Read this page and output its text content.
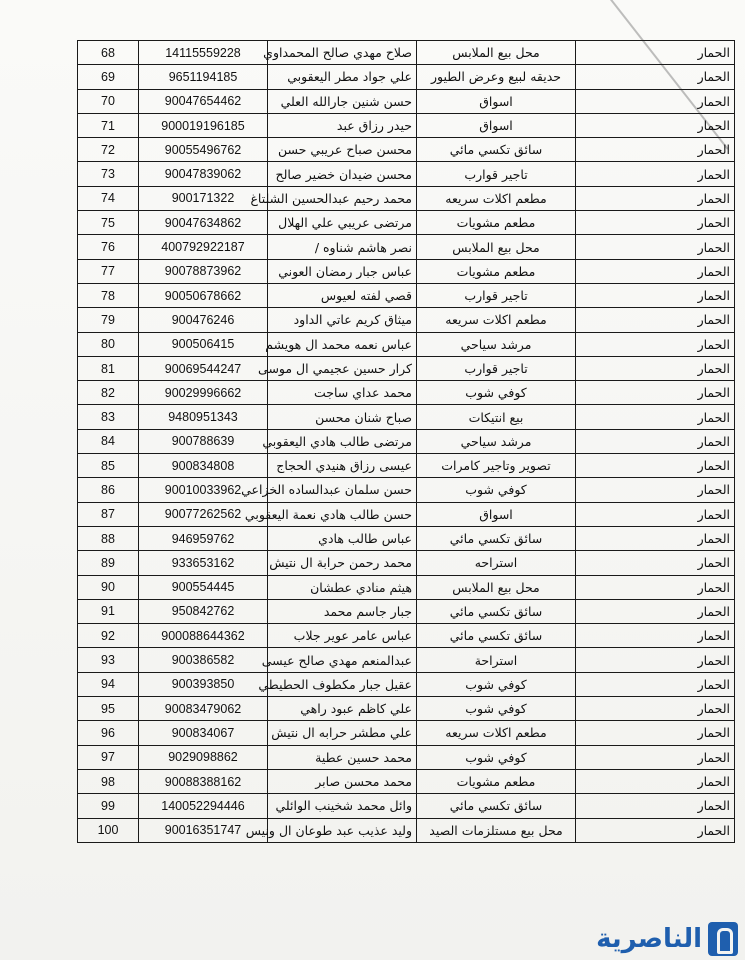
68	14115559228	صلاح مهدي صالح المحمداوي	محل بيع الملابس	الحمار
69	9651194185	علي جواد مطر اليعقوبي	حديقه لبيع وعرض الطيور	الحمار
70	90047654462	حسن شنين جارالله العلي	اسواق	الحمار
71	900019196185	حيدر رزاق عبد	اسواق	الحمار
72	90055496762	محسن صباح عريبي حسن	سائق تكسي مائي	الحمار
73	90047839062	محسن ضيدان خضير صالح	تاجير قوارب	الحمار
74	900171322	محمد رحيم عبدالحسين الشلتاغ	مطعم اكلات سريعه	الحمار
75	90047634862	مرتضى عريبي علي الهلال	مطعم مشويات	الحمار
76	400792922187	نصر هاشم شناوه /	محل بيع الملابس	الحمار
77	90078873962	عباس جبار رمضان العوني	مطعم مشويات	الحمار
78	90050678662	قصي لفته لعيوس	تاجير قوارب	الحمار
79	900476246	ميثاق كريم عاتي الداود	مطعم اكلات سريعه	الحمار
80	900506415	عباس نعمه محمد ال هويشم	مرشد سياحي	الحمار
81	90069544247	كرار حسين عجيمي ال موسى	تاجير قوارب	الحمار
82	90029996662	محمد عداي ساجت	كوفي شوب	الحمار
83	9480951343	صباح شنان محسن	بيع انتيكات	الحمار
84	900788639	مرتضى طالب هادي اليعقوبي	مرشد سياحي	الحمار
85	900834808	عيسى رزاق هنيدي الحجاج	تصوير وتاجير كامرات	الحمار
86	90010033962	حسن سلمان عبدالساده الخزاعي	كوفي شوب	الحمار
87	90077262562	حسن طالب هادي نعمة اليعقوبي	اسواق	الحمار
88	946959762	عباس طالب هادي	سائق تكسي مائي	الحمار
89	933653162	محمد رحمن حرابة ال نتيش	استراحه	الحمار
90	900554445	هيثم منادي عطشان	محل بيع الملابس	الحمار
91	950842762	جبار جاسم محمد	سائق تكسي مائي	الحمار
92	900088644362	عباس عامر عوير جلاب	سائق تكسي مائي	الحمار
93	900386582	عبدالمنعم مهدي صالح عيسى	استراحة	الحمار
94	900393850	عقيل جبار مكطوف الحطيطي	كوفي شوب	الحمار
95	90083479062	علي كاظم عبود راهي	كوفي شوب	الحمار
96	900834067	علي مطشر حرابه ال نتيش	مطعم اكلات سريعه	الحمار
97	9029098862	محمد حسين عطية	كوفي شوب	الحمار
98	90088388162	محمد محسن صابر	مطعم مشويات	الحمار
99	140052294446	وائل محمد شخينب الوائلي	سائق تكسي مائي	الحمار
100	90016351747	وليد عذيب عبد طوعان ال ونيس	محل بيع مستلزمات الصيد	الحمار
الناصرية
